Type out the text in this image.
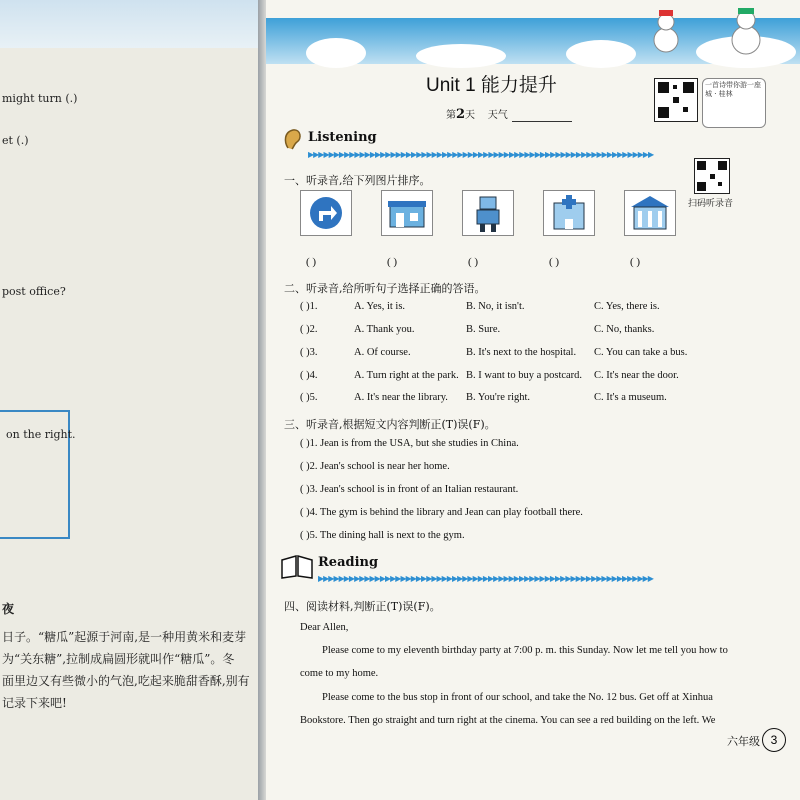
might turn (.)
et (.)
post office?
on the right.
夜
日子。“糖瓜”起源于河南,是一种用黄米和麦芽
为“关东糖”,拉制成扁圆形就叫作“糖瓜”。冬
面里边又有些微小的气泡,吃起来脆甜香酥,别有
记录下来吧!
Unit 1 能力提升
第2天 天气
一首诗带你游一座城 · 桂林
扫码听录音
Listening
▶▶▶▶▶▶▶▶▶▶▶▶▶▶▶▶▶▶▶▶▶▶▶▶▶▶▶▶▶▶▶▶▶▶▶▶▶▶▶▶▶▶▶▶▶▶▶▶▶▶▶▶▶▶▶▶▶▶▶▶▶▶▶▶▶▶▶
一、听录音,给下列图片排序。
( )	( )	( )	( )	( )
二、听录音,给所听句子选择正确的答语。
( )1.	A. Yes, it is.	B. No, it isn't.	C. Yes, there is.
( )2.	A. Thank you.	B. Sure.	C. No, thanks.
( )3.	A. Of course.	B. It's next to the hospital. C. You can take a bus.
( )4.	A. Turn right at the park. B. I want to buy a postcard. C. It's near the door.
( )5.	A. It's near the library. B. You're right.	C. It's a museum.
三、听录音,根据短文内容判断正(T)误(F)。
( )1. Jean is from the USA, but she studies in China.
( )2. Jean's school is near her home.
( )3. Jean's school is in front of an Italian restaurant.
( )4. The gym is behind the library and Jean can play football there.
( )5. The dining hall is next to the gym.
Reading
▶▶▶▶▶▶▶▶▶▶▶▶▶▶▶▶▶▶▶▶▶▶▶▶▶▶▶▶▶▶▶▶▶▶▶▶▶▶▶▶▶▶▶▶▶▶▶▶▶▶▶▶▶▶▶▶▶▶▶▶▶▶▶▶▶
四、阅读材料,判断正(T)误(F)。
Dear Allen,
Please come to my eleventh birthday party at 7:00 p. m. this Sunday. Now let me tell you how to
come to my home.
Please come to the bus stop in front of our school, and take the No. 12 bus. Get off at Xinhua
Bookstore. Then go straight and turn right at the cinema. You can see a red building on the left. We
六年级 3
